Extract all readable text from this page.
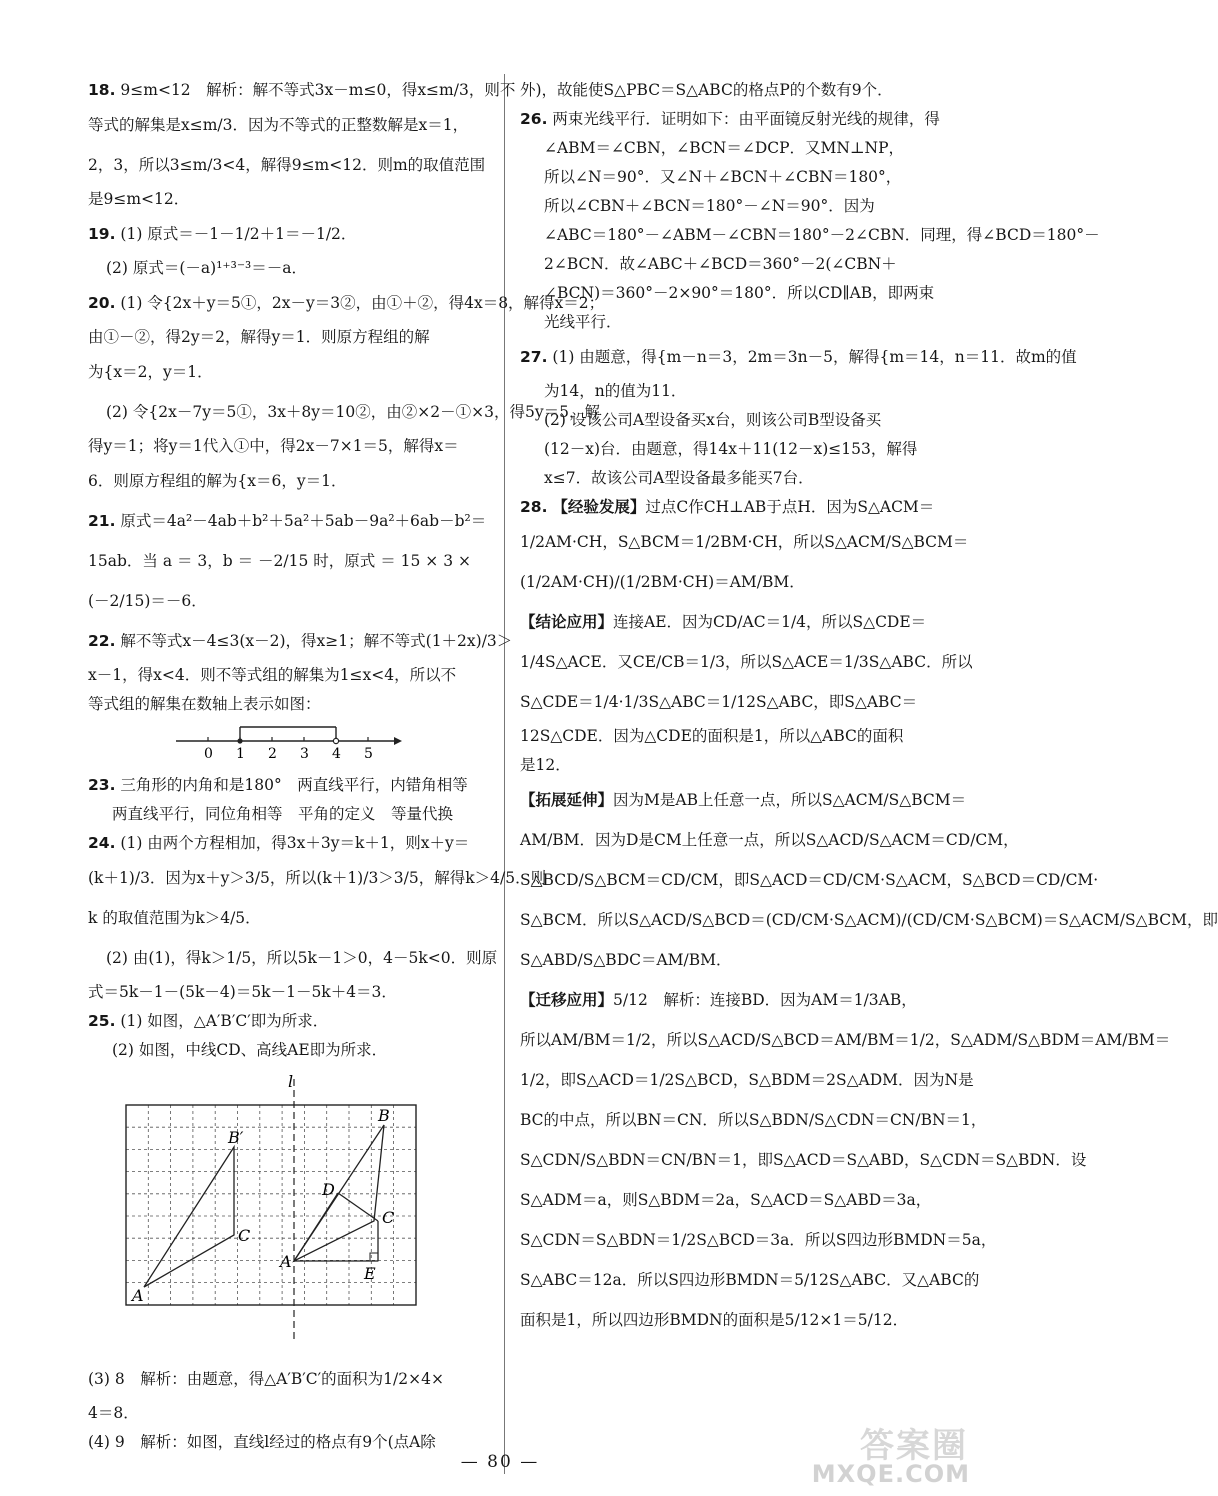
18. 9≤m<12　解析：解不等式3x－m≤0，得x≤m/3，则不
等式的解集是x≤m/3．因为不等式的正整数解是x＝1，
2，3，所以3≤m/3<4，解得9≤m<12．则m的取值范围
是9≤m<12．
19. (1) 原式＝－1－1/2＋1＝－1/2．
(2) 原式＝(－a)¹⁺³⁻³＝－a．
20. (1) 令{2x＋y＝5①，2x－y＝3②，由①＋②，得4x＝8，解得x＝2；
由①－②，得2y＝2，解得y＝1．则原方程组的解
为{x＝2，y＝1．
(2) 令{2x－7y＝5①，3x＋8y＝10②，由②×2－①×3，得5y＝5，解
得y＝1；将y＝1代入①中，得2x－7×1＝5，解得x＝
6．则原方程组的解为{x＝6，y＝1．
21. 原式＝4a²－4ab＋b²＋5a²＋5ab－9a²＋6ab－b²＝
15ab．当 a ＝ 3，b ＝ －2/15 时，原式 ＝ 15 × 3 ×
(－2/15)＝－6．
22. 解不等式x－4≤3(x－2)，得x≥1；解不等式(1＋2x)/3＞
x－1，得x<4．则不等式组的解集为1≤x<4，所以不
等式组的解集在数轴上表示如图：
0 1 2 3 4 5
23. 三角形的内角和是180°　两直线平行，内错角相等
两直线平行，同位角相等　平角的定义　等量代换
24. (1) 由两个方程相加，得3x＋3y＝k＋1，则x＋y＝
(k＋1)/3．因为x＋y＞3/5，所以(k＋1)/3＞3/5，解得k＞4/5．则
k 的取值范围为k＞4/5．
(2) 由(1)，得k＞1/5，所以5k－1＞0，4－5k<0．则原
式＝5k－1－(5k－4)＝5k－1－5k＋4＝3．
25. (1) 如图，△A′B′C′即为所求．
(2) 如图，中线CD、高线AE即为所求．
l
A
B′
C
A
B
C
D
E
(3) 8　解析：由题意，得△A′B′C′的面积为1/2×4×
4＝8．
(4) 9　解析：如图，直线l经过的格点有9个(点A除
外)，故能使S△PBC＝S△ABC的格点P的个数有9个．
26. 两束光线平行．证明如下：由平面镜反射光线的规律，得
∠ABM＝∠CBN，∠BCN＝∠DCP．又MN⊥NP，
所以∠N＝90°．又∠N＋∠BCN＋∠CBN＝180°，
所以∠CBN＋∠BCN＝180°－∠N＝90°．因为
∠ABC＝180°－∠ABM－∠CBN＝180°－2∠CBN．同理，得∠BCD＝180°－
2∠BCN．故∠ABC＋∠BCD＝360°－2(∠CBN＋
∠BCN)＝360°－2×90°＝180°．所以CD∥AB，即两束
光线平行．
27. (1) 由题意，得{m－n＝3，2m＝3n－5，解得{m＝14，n＝11．故m的值
为14，n的值为11．
(2) 设该公司A型设备买x台，则该公司B型设备买
(12－x)台．由题意，得14x＋11(12－x)≤153，解得
x≤7．故该公司A型设备最多能买7台．
28. 【经验发展】过点C作CH⊥AB于点H．因为S△ACM＝
1/2AM·CH，S△BCM＝1/2BM·CH，所以S△ACM/S△BCM＝
(1/2AM·CH)/(1/2BM·CH)＝AM/BM．
【结论应用】连接AE．因为CD/AC＝1/4，所以S△CDE＝
1/4S△ACE．又CE/CB＝1/3，所以S△ACE＝1/3S△ABC．所以
S△CDE＝1/4·1/3S△ABC＝1/12S△ABC，即S△ABC＝
12S△CDE．因为△CDE的面积是1，所以△ABC的面积
是12．
【拓展延伸】因为M是AB上任意一点，所以S△ACM/S△BCM＝
AM/BM．因为D是CM上任意一点，所以S△ACD/S△ACM＝CD/CM，
S△BCD/S△BCM＝CD/CM，即S△ACD＝CD/CM·S△ACM，S△BCD＝CD/CM·
S△BCM．所以S△ACD/S△BCD＝(CD/CM·S△ACM)/(CD/CM·S△BCM)＝S△ACM/S△BCM，即
S△ABD/S△BDC＝AM/BM．
【迁移应用】5/12　解析：连接BD．因为AM＝1/3AB，
所以AM/BM＝1/2，所以S△ACD/S△BCD＝AM/BM＝1/2，S△ADM/S△BDM＝AM/BM＝
1/2，即S△ACD＝1/2S△BCD，S△BDM＝2S△ADM．因为N是
BC的中点，所以BN＝CN．所以S△BDN/S△CDN＝CN/BN＝1，
S△CDN/S△BDN＝CN/BN＝1，即S△ACD＝S△ABD，S△CDN＝S△BDN．设
S△ADM＝a，则S△BDM＝2a，S△ACD＝S△ABD＝3a，
S△CDN＝S△BDN＝1/2S△BCD＝3a．所以S四边形BMDN＝5a，
S△ABC＝12a．所以S四边形BMDN＝5/12S△ABC．又△ABC的
面积是1，所以四边形BMDN的面积是5/12×1＝5/12．
— 80 —	答案圈
MXQE.COM
